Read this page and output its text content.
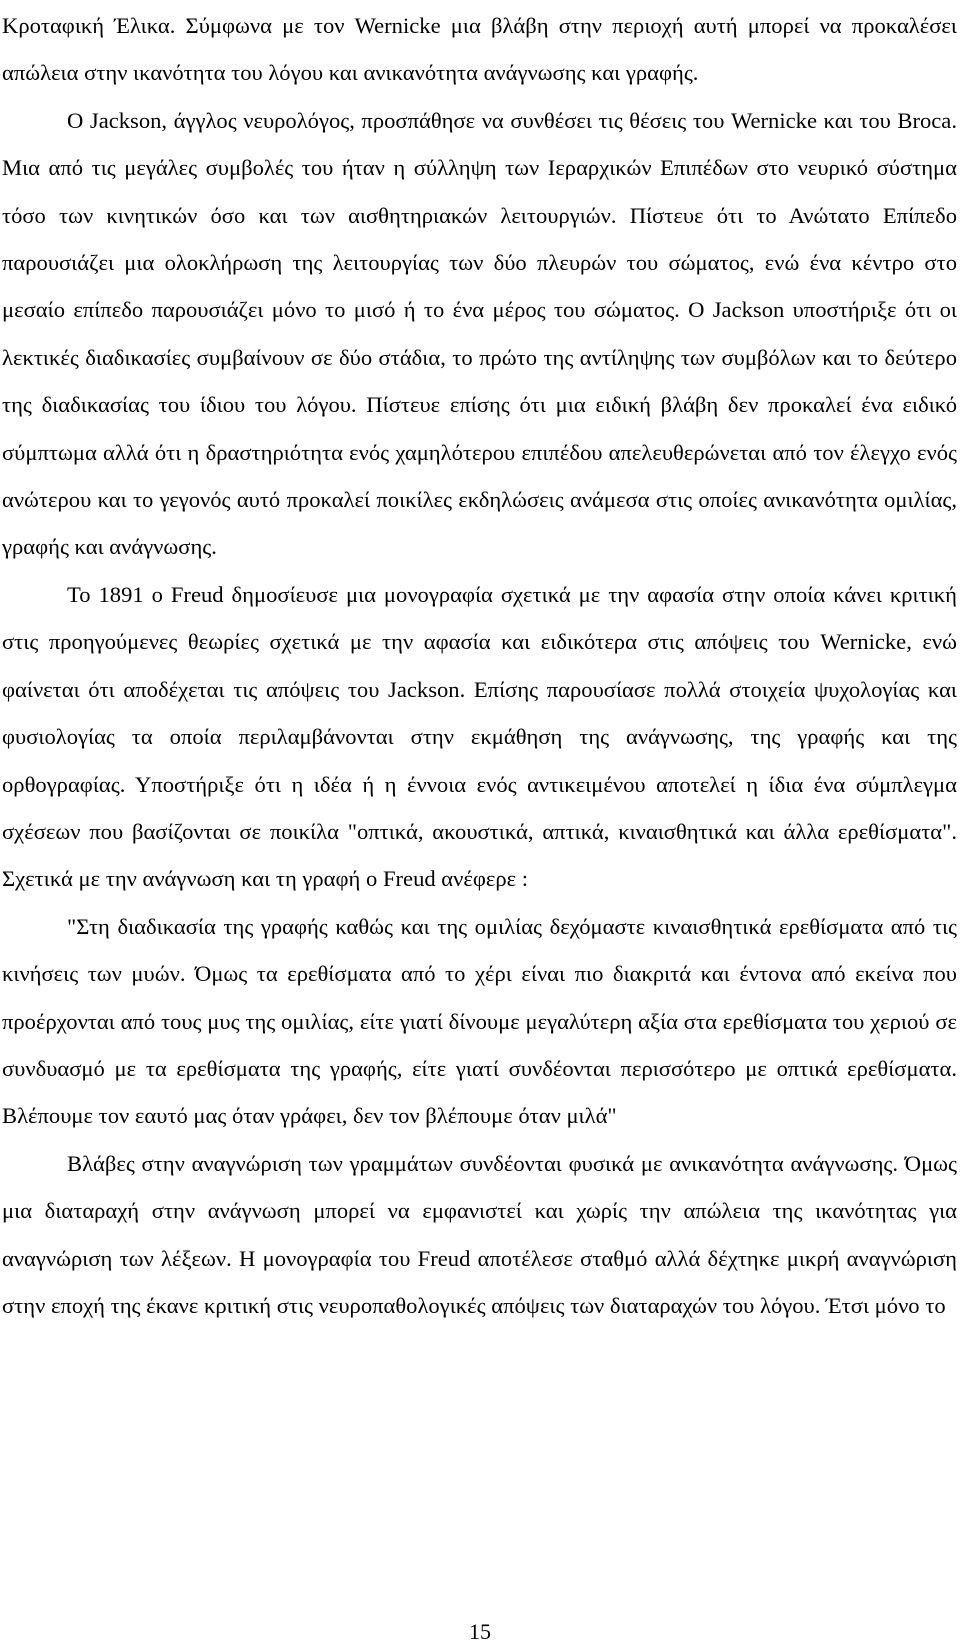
Κροταφική Έλικα. Σύμφωνα με τον Wernicke μια βλάβη στην περιοχή αυτή μπορεί να προκαλέσει απώλεια στην ικανότητα του λόγου και ανικανότητα ανάγνωσης και γραφής.

Ο Jackson, άγγλος νευρολόγος, προσπάθησε να συνθέσει τις θέσεις του Wernicke και του Broca. Μια από τις μεγάλες συμβολές του ήταν η σύλληψη των Ιεραρχικών Επιπέδων στο νευρικό σύστημα τόσο των κινητικών όσο και των αισθητηριακών λειτουργιών. Πίστευε ότι το Ανώτατο Επίπεδο παρουσιάζει μια ολοκλήρωση της λειτουργίας των δύο πλευρών του σώματος, ενώ ένα κέντρο στο μεσαίο επίπεδο παρουσιάζει μόνο το μισό ή το ένα μέρος του σώματος. Ο Jackson υποστήριξε ότι οι λεκτικές διαδικασίες συμβαίνουν σε δύο στάδια, το πρώτο της αντίληψης των συμβόλων και το δεύτερο της διαδικασίας του ίδιου του λόγου. Πίστευε επίσης ότι μια ειδική βλάβη δεν προκαλεί ένα ειδικό σύμπτωμα αλλά ότι η δραστηριότητα ενός χαμηλότερου επιπέδου απελευθερώνεται από τον έλεγχο ενός ανώτερου και το γεγονός αυτό προκαλεί ποικίλες εκδηλώσεις ανάμεσα στις οποίες ανικανότητα ομιλίας, γραφής και ανάγνωσης.

Το 1891 ο Freud δημοσίευσε μια μονογραφία σχετικά με την αφασία στην οποία κάνει κριτική στις προηγούμενες θεωρίες σχετικά με την αφασία και ειδικότερα στις απόψεις του Wernicke, ενώ φαίνεται ότι αποδέχεται τις απόψεις του Jackson. Επίσης παρουσίασε πολλά στοιχεία ψυχολογίας και φυσιολογίας τα οποία περιλαμβάνονται στην εκμάθηση της ανάγνωσης, της γραφής και της ορθογραφίας. Υποστήριξε ότι η ιδέα ή η έννοια ενός αντικειμένου αποτελεί η ίδια ένα σύμπλεγμα σχέσεων που βασίζονται σε ποικίλα "οπτικά, ακουστικά, απτικά, κιναισθητικά και άλλα ερεθίσματα". Σχετικά με την ανάγνωση και τη γραφή ο Freud ανέφερε :

"Στη διαδικασία της γραφής καθώς και της ομιλίας δεχόμαστε κιναισθητικά ερεθίσματα από τις κινήσεις των μυών. Όμως τα ερεθίσματα από το χέρι είναι πιο διακριτά και έντονα από εκείνα που προέρχονται από τους μυς της ομιλίας, είτε γιατί δίνουμε μεγαλύτερη αξία στα ερεθίσματα του χεριού σε συνδυασμό με τα ερεθίσματα της γραφής, είτε γιατί συνδέονται περισσότερο με οπτικά ερεθίσματα. Βλέπουμε τον εαυτό μας όταν γράφει, δεν τον βλέπουμε όταν μιλά"

Βλάβες στην αναγνώριση των γραμμάτων συνδέονται φυσικά με ανικανότητα ανάγνωσης. Όμως μια διαταραχή στην ανάγνωση μπορεί να εμφανιστεί και χωρίς την απώλεια της ικανότητας για αναγνώριση των λέξεων. Η μονογραφία του Freud αποτέλεσε σταθμό αλλά δέχτηκε μικρή αναγνώριση στην εποχή της έκανε κριτική στις νευροπαθολογικές απόψεις των διαταραχών του λόγου. Έτσι μόνο το

15
